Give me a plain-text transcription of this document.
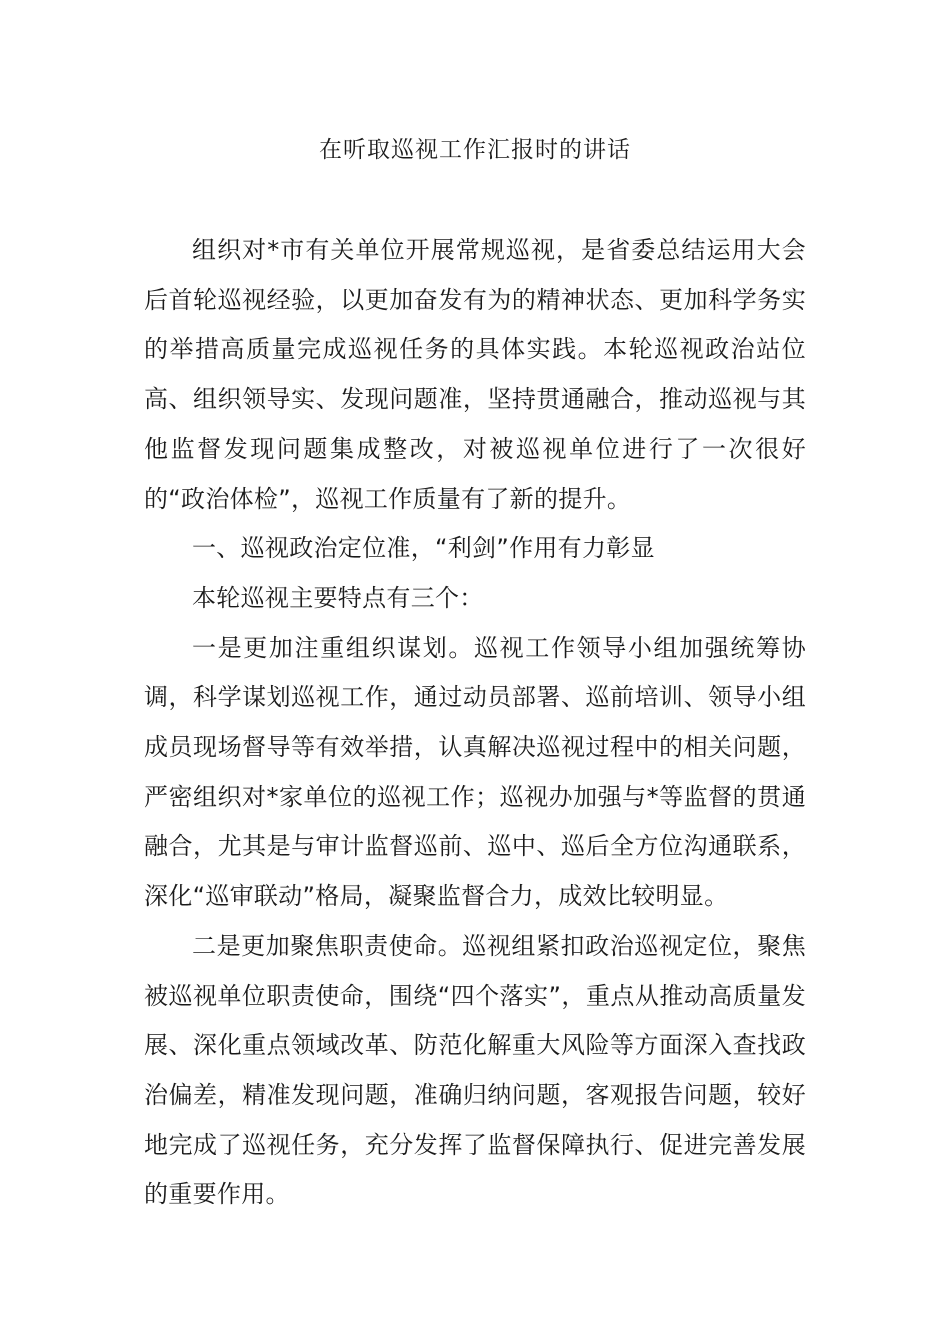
在听取巡视工作汇报时的讲话

组织对*市有关单位开展常规巡视，是省委总结运用大会后首轮巡视经验，以更加奋发有为的精神状态、更加科学务实的举措高质量完成巡视任务的具体实践。本轮巡视政治站位高、组织领导实、发现问题准，坚持贯通融合，推动巡视与其他监督发现问题集成整改，对被巡视单位进行了一次很好的“政治体检”，巡视工作质量有了新的提升。

一、巡视政治定位准，“利剑”作用有力彰显

本轮巡视主要特点有三个：

一是更加注重组织谋划。巡视工作领导小组加强统筹协调，科学谋划巡视工作，通过动员部署、巡前培训、领导小组成员现场督导等有效举措，认真解决巡视过程中的相关问题，严密组织对*家单位的巡视工作；巡视办加强与*等监督的贯通融合，尤其是与审计监督巡前、巡中、巡后全方位沟通联系，深化“巡审联动”格局，凝聚监督合力，成效比较明显。

二是更加聚焦职责使命。巡视组紧扣政治巡视定位，聚焦被巡视单位职责使命，围绕“四个落实”，重点从推动高质量发展、深化重点领域改革、防范化解重大风险等方面深入查找政治偏差，精准发现问题，准确归纳问题，客观报告问题，较好地完成了巡视任务，充分发挥了监督保障执行、促进完善发展的重要作用。
